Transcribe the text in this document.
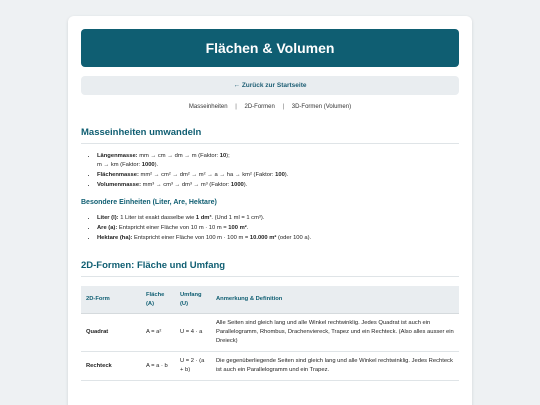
Flächen & Volumen
← Zurück zur Startseite
Masseinheiten | 2D-Formen | 3D-Formen (Volumen)
Masseinheiten umwandeln
• Längenmasse: mm → cm → dm → m (Faktor: 10);
m → km (Faktor: 1000).
• Flächenmasse: mm² → cm² → dm² → m² → a → ha → km² (Faktor: 100).
• Volumenmasse: mm³ → cm³ → dm³ → m³ (Faktor: 1000).
Besondere Einheiten (Liter, Are, Hektare)
• Liter (l): 1 Liter ist exakt dasselbe wie 1 dm³. (Und 1 ml = 1 cm³).
• Are (a): Entspricht einer Fläche von 10 m · 10 m = 100 m².
• Hektare (ha): Entspricht einer Fläche von 100 m · 100 m = 10.000 m² (oder 100 a).
2D-Formen: Fläche und Umfang
2D-Form	Fläche (A)	Umfang (U)	Anmerkung & Definition
Quadrat	A = a²	U = 4 · a	Alle Seiten sind gleich lang und alle Winkel rechtwinklig. Jedes Quadrat ist auch ein Parallelogramm, Rhombus, Drachenviereck, Trapez und ein Rechteck. (Also alles ausser ein Dreieck)
Rechteck	A = a · b	U = 2 · (a + b)	Die gegenüberliegende Seiten sind gleich lang und alle Winkel rechtwinklig. Jedes Rechteck ist auch ein Parallelogramm und ein Trapez.
